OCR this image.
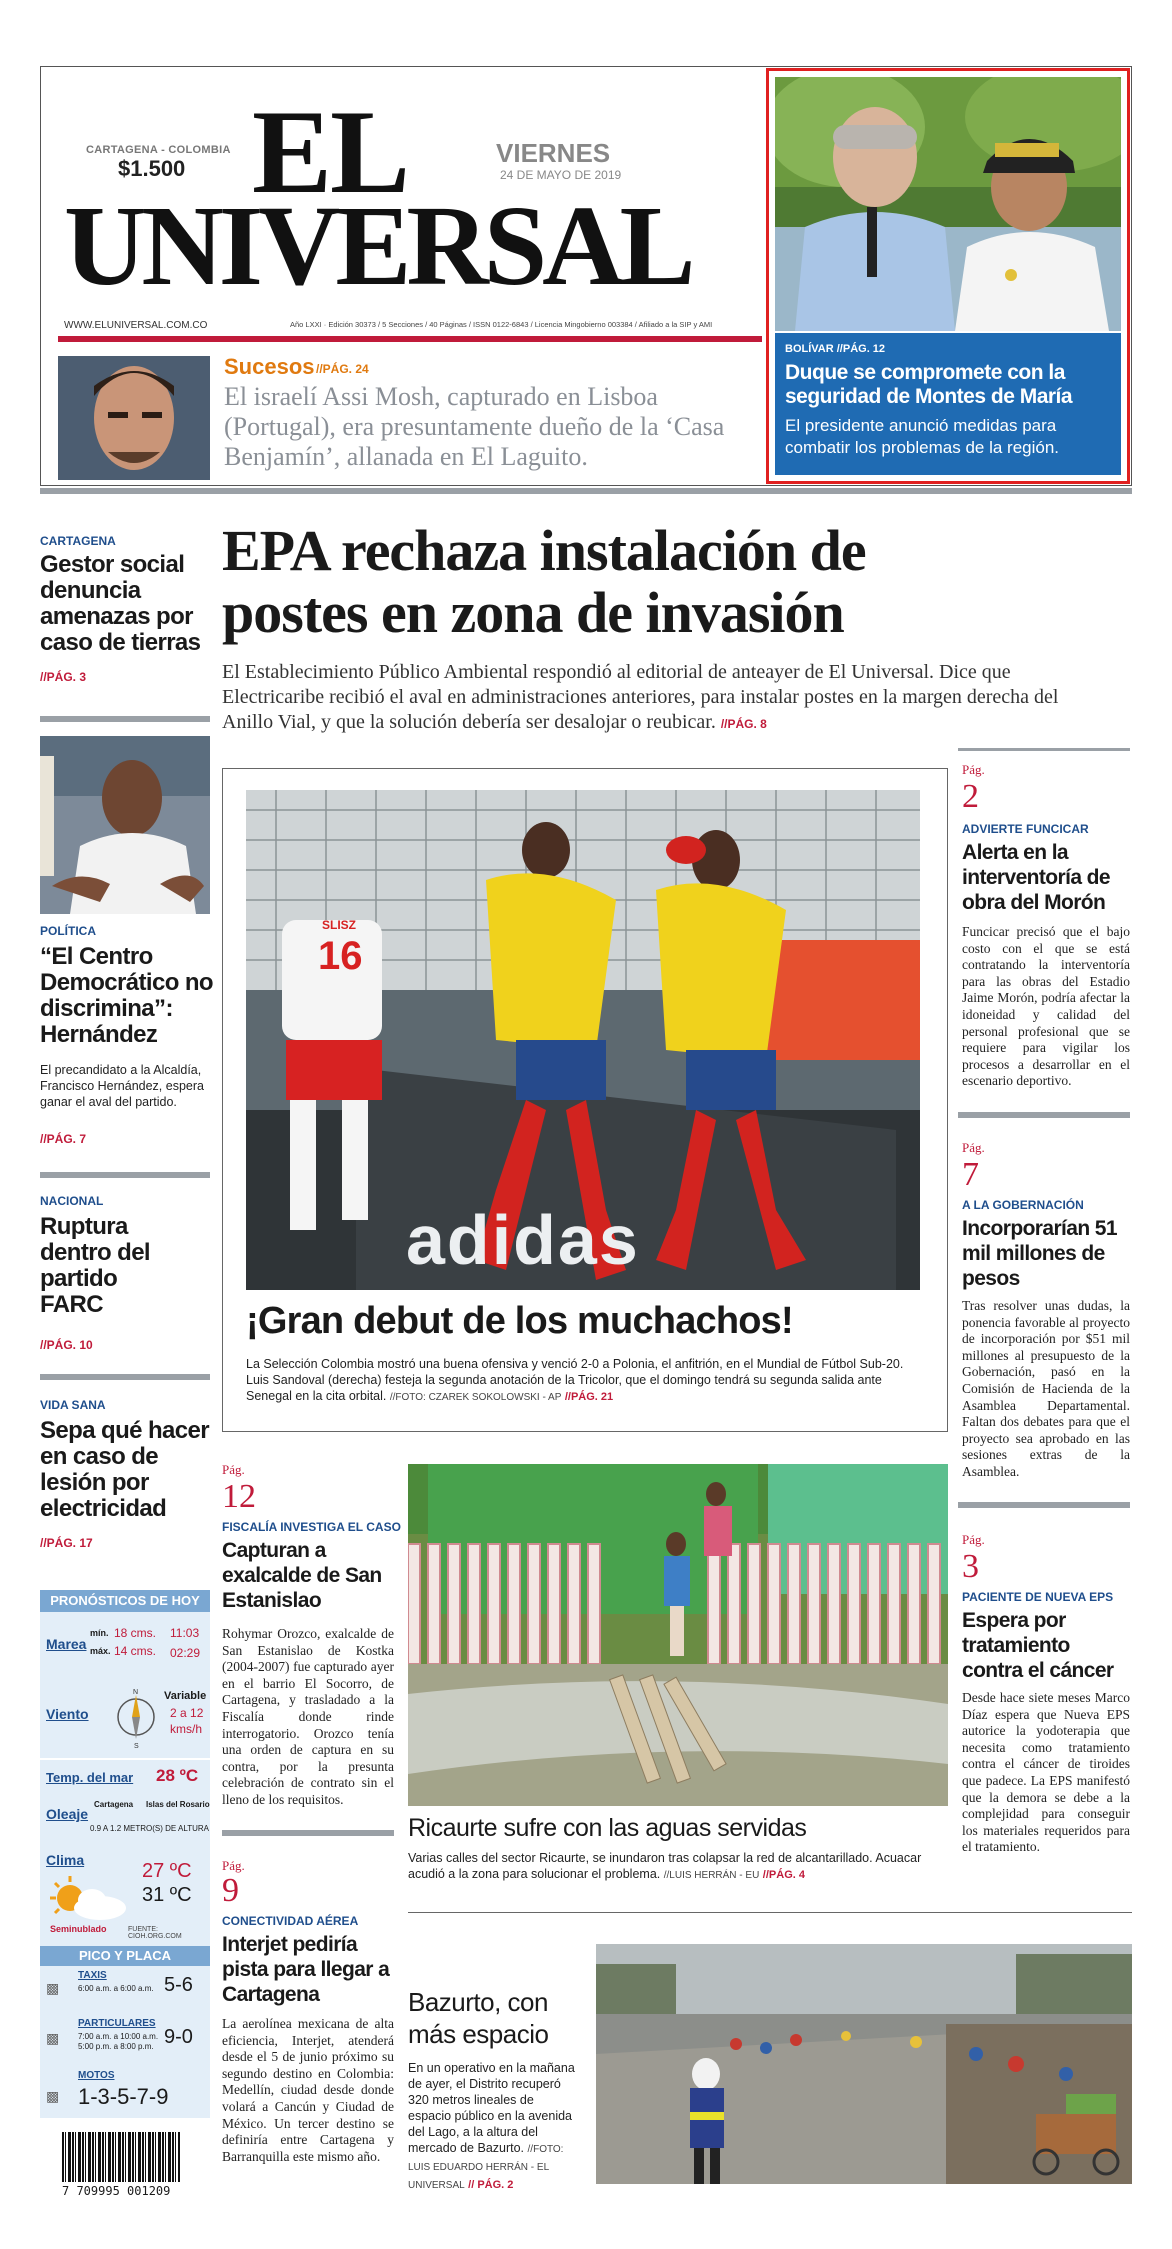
CARTAGENA - COLOMBIA
$1.500 EL
UNIVERSAL
VIERNES
24 DE MAYO DE 2019
WWW.ELUNIVERSAL.COM.CO	Año LXXI · Edición 30373 / 5 Secciones / 40 Páginas / ISSN 0122-6843 / Licencia Mingobierno 003384 / Afiliado a la SIP y AMI
BOLÍVAR //PÁG. 12
Duque se compromete con la seguridad de Montes de María
El presidente anunció medidas para combatir los problemas de la región.
Sucesos //PÁG. 24
El israelí Assi Mosh, capturado en Lisboa (Portugal), era presuntamente dueño de la ‘Casa Benjamín’, allanada en El Laguito.
CARTAGENA
Gestor social denuncia amenazas por caso de tierras
//PÁG. 3
POLÍTICA
“El Centro Democrático no discrimina”: Hernández
El precandidato a la Alcaldía, Francisco Hernández, espera ganar el aval del partido.
//PÁG. 7
NACIONAL
Ruptura dentro del partido FARC
//PÁG. 10
VIDA SANA
Sepa qué hacer en caso de lesión por electricidad
//PÁG. 17
PRONÓSTICOS DE HOY
Marea
mín. 18 cms. 11:03
máx. 14 cms. 02:29
Viento
N
S
Variable
2 a 12
kms/h
Temp. del mar 28 ºC
Oleaje
Cartagena Islas del Rosario
0.9 A 1.2 METRO(S) DE ALTURA
Clima	27 ºC
31 ºC
Seminublado	FUENTE: CIOH.ORG.COM
PICO Y PLACA
▩
TAXIS
6:00 a.m. a 6:00 a.m. 5-6
▩
PARTICULARES
7:00 a.m. a 10:00 a.m.
5:00 p.m. a 8:00 p.m. 9-0
▩
MOTOS
1-3-5-7-9
7 709995 001209
EPA rechaza instalación de
postes en zona de invasión
El Establecimiento Público Ambiental respondió al editorial de anteayer de El Universal. Dice que Electricaribe recibió el aval en administraciones anteriores, para instalar postes en la margen derecha del Anillo Vial, y que la solución debería ser desalojar o reubicar. //PÁG. 8
16
SLISZ
adidas
¡Gran debut de los muchachos!
La Selección Colombia mostró una buena ofensiva y venció 2-0 a Polonia, el anfitrión, en el Mundial de Fútbol Sub-20. Luis Sandoval (derecha) festeja la segunda anotación de la Tricolor, que el domingo tendrá su segunda salida ante Senegal en la cita orbital. //FOTO: CZAREK SOKOLOWSKI - AP //PÁG. 21
Pág.
2
ADVIERTE FUNCICAR
Alerta en la interventoría de obra del Morón
Funcicar precisó que el bajo costo con el que se está contratando la interventoría para las obras del Estadio Jaime Morón, podría afectar la idoneidad y calidad del personal profesional que se requiere para vigilar los procesos a desarrollar en el escenario deportivo.
Pág.
7
A LA GOBERNACIÓN
Incorporarían 51 mil millones de pesos
Tras resolver unas dudas, la ponencia favorable al proyecto de incorporación por $51 mil millones al presupuesto de la Gobernación, pasó en la Comisión de Hacienda de la Asamblea Departamental. Faltan dos debates para que el proyecto sea aprobado en las sesiones extras de la Asamblea.
Pág.
3
PACIENTE DE NUEVA EPS
Espera por tratamiento contra el cáncer
Desde hace siete meses Marco Díaz espera que Nueva EPS autorice la yodoterapia que necesita como tratamiento contra el cáncer de tiroides que padece. La EPS manifestó que la demora se debe a la complejidad para conseguir los materiales requeridos para el tratamiento.
Pág.
12
FISCALÍA INVESTIGA EL CASO
Capturan a exalcalde de San Estanislao
Rohymar Orozco, exalcalde de San Estanislao de Kostka (2004-2007) fue capturado ayer en el barrio El Socorro, de Cartagena, y trasladado a la Fiscalía donde rinde interrogatorio. Orozco tenía una orden de captura en su contra, por la presunta celebración de contrato sin el lleno de los requisitos.
Pág.
9
CONECTIVIDAD AÉREA
Interjet pediría pista para llegar a Cartagena
La aerolínea mexicana de alta eficiencia, Interjet, atenderá desde el 5 de junio próximo su segundo destino en Colombia: Medellín, ciudad desde donde volará a Cancún y Ciudad de México. Un tercer destino se definiría entre Cartagena y Barranquilla este mismo año.
Ricaurte sufre con las aguas servidas
Varias calles del sector Ricaurte, se inundaron tras colapsar la red de alcantarillado. Acuacar acudió a la zona para solucionar el problema. //LUIS HERRÁN - EU //PÁG. 4
Bazurto, con más espacio
En un operativo en la mañana de ayer, el Distrito recuperó 320 metros lineales de espacio público en la avenida del Lago, a la altura del mercado de Bazurto. //FOTO: LUIS EDUARDO HERRÁN - EL UNIVERSAL // PÁG. 2
